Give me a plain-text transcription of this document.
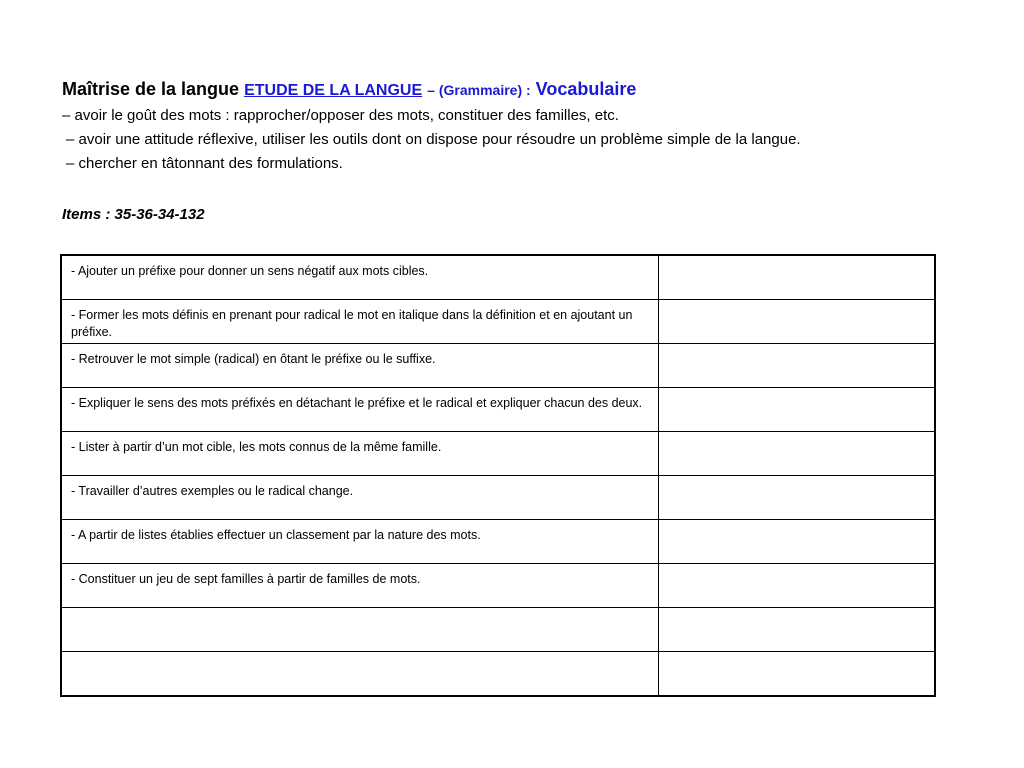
Maîtrise de la langue ETUDE DE LA LANGUE – (Grammaire) : Vocabulaire
– avoir le goût des mots : rapprocher/opposer des mots, constituer des familles, etc.
– avoir une attitude réflexive, utiliser les outils dont on dispose pour résoudre un problème simple de la langue.
– chercher en tâtonnant des formulations.
Items : 35-36-34-132
- Ajouter un préfixe pour donner un sens négatif aux mots cibles.	

- Former les mots définis en prenant pour radical le mot en italique dans la définition et en ajoutant un préfixe.	

- Retrouver le mot simple (radical) en ôtant le préfixe ou le suffixe.	

- Expliquer le sens des mots préfixés en détachant le préfixe et le radical et expliquer chacun des deux.	

- Lister à partir d’un mot cible, les mots connus de la même famille.	

- Travailler d’autres exemples ou le radical change.	

- A partir de listes établies effectuer un classement par la nature des mots.	

- Constituer un jeu de sept familles à partir de familles de mots.	
